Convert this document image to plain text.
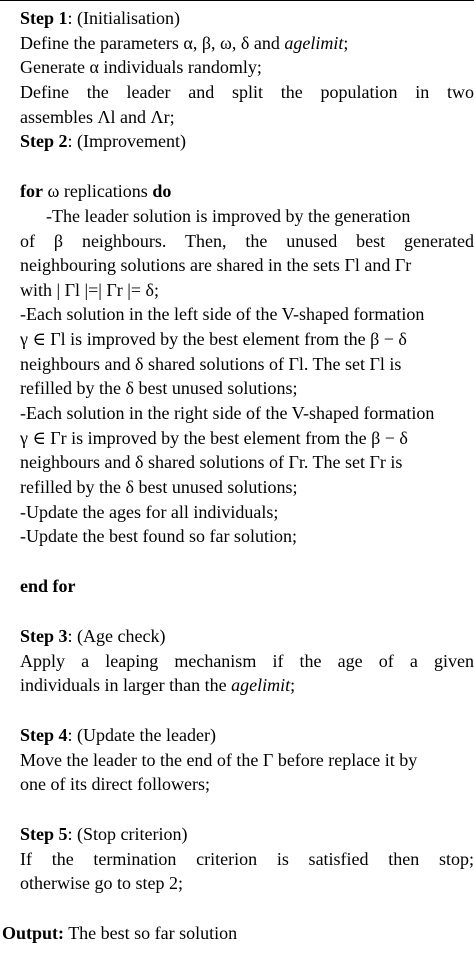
Step 1: (Initialisation)
Define the parameters α, β, ω, δ and agelimit;
Generate α individuals randomly;
Define the leader and split the population in two
assembles Λl and Λr;
Step 2: (Improvement)
for ω replications do
-The leader solution is improved by the generation
of β neighbours. Then, the unused best generated
neighbouring solutions are shared in the sets Γl and Γr
with | Γl |=| Γr |= δ;
-Each solution in the left side of the V-shaped formation
γ ∈ Γl is improved by the best element from the β − δ
neighbours and δ shared solutions of Γl. The set Γl is
refilled by the δ best unused solutions;
-Each solution in the right side of the V-shaped formation
γ ∈ Γr is improved by the best element from the β − δ
neighbours and δ shared solutions of Γr. The set Γr is
refilled by the δ best unused solutions;
-Update the ages for all individuals;
-Update the best found so far solution;
end for
Step 3: (Age check)
Apply a leaping mechanism if the age of a given
individuals in larger than the agelimit;
Step 4: (Update the leader)
Move the leader to the end of the Γ before replace it by
one of its direct followers;
Step 5: (Stop criterion)
If the termination criterion is satisfied then stop;
otherwise go to step 2;
Output: The best so far solution
